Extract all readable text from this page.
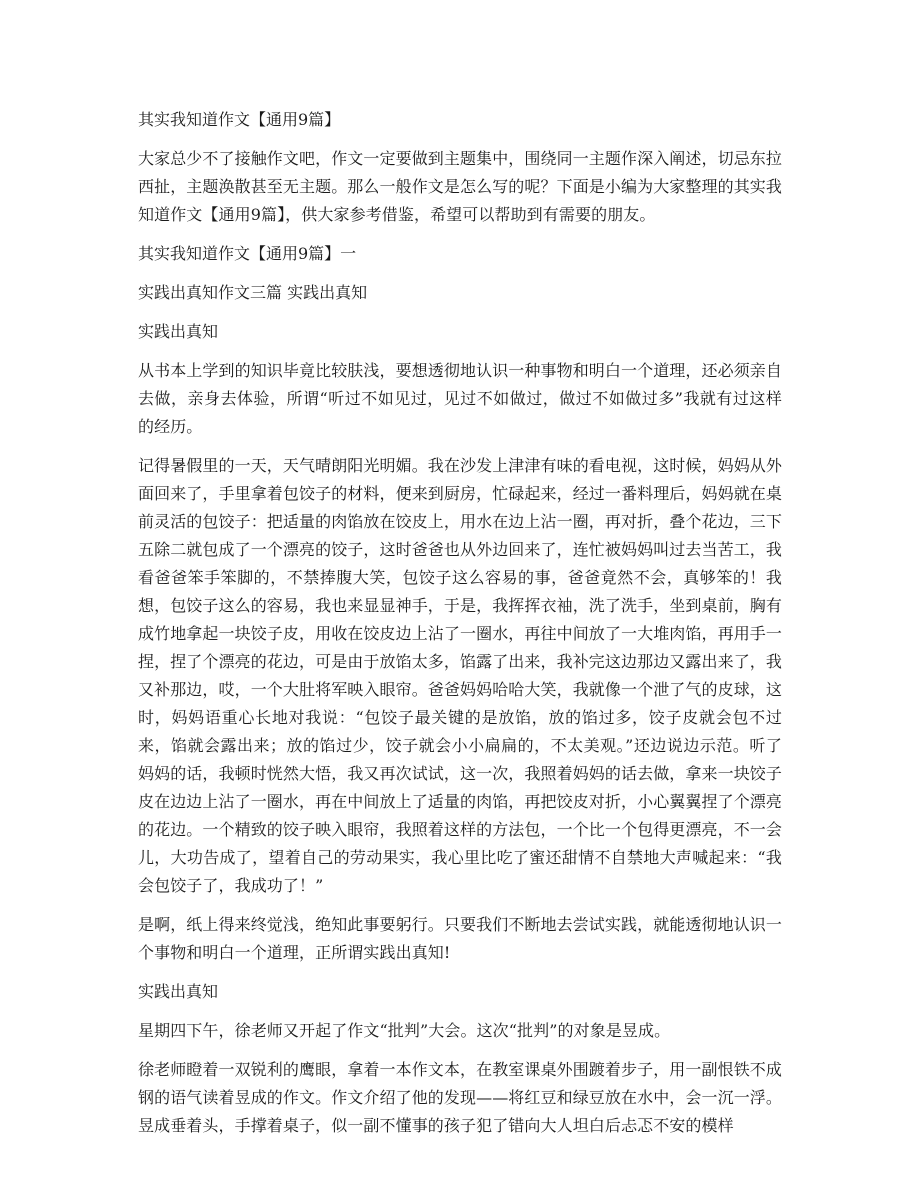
其实我知道作文【通用9篇】

大家总少不了接触作文吧，作文一定要做到主题集中，围绕同一主题作深入阐述，切忌东拉西扯，主题涣散甚至无主题。那么一般作文是怎么写的呢？下面是小编为大家整理的其实我知道作文【通用9篇】，供大家参考借鉴，希望可以帮助到有需要的朋友。

其实我知道作文【通用9篇】一

实践出真知作文三篇 实践出真知

实践出真知

从书本上学到的知识毕竟比较肤浅，要想透彻地认识一种事物和明白一个道理，还必须亲自去做，亲身去体验，所谓“听过不如见过，见过不如做过，做过不如做过多”我就有过这样的经历。

记得暑假里的一天，天气晴朗阳光明媚。我在沙发上津津有味的看电视，这时候，妈妈从外面回来了，手里拿着包饺子的材料，便来到厨房，忙碌起来，经过一番料理后，妈妈就在桌前灵活的包饺子：把适量的肉馅放在饺皮上，用水在边上沾一圈，再对折，叠个花边，三下五除二就包成了一个漂亮的饺子，这时爸爸也从外边回来了，连忙被妈妈叫过去当苦工，我看爸爸笨手笨脚的，不禁捧腹大笑，包饺子这么容易的事，爸爸竟然不会，真够笨的！我想，包饺子这么的容易，我也来显显神手，于是，我挥挥衣袖，洗了洗手，坐到桌前，胸有成竹地拿起一块饺子皮，用收在饺皮边上沾了一圈水，再往中间放了一大堆肉馅，再用手一捏，捏了个漂亮的花边，可是由于放馅太多，馅露了出来，我补完这边那边又露出来了，我又补那边，哎，一个大肚将军映入眼帘。爸爸妈妈哈哈大笑，我就像一个泄了气的皮球，这时，妈妈语重心长地对我说：“包饺子最关键的是放馅，放的馅过多，饺子皮就会包不过来，馅就会露出来；放的馅过少，饺子就会小小扁扁的，不太美观。”还边说边示范。听了妈妈的话，我顿时恍然大悟，我又再次试试，这一次，我照着妈妈的话去做，拿来一块饺子皮在边边上沾了一圈水，再在中间放上了适量的肉馅，再把饺皮对折，小心翼翼捏了个漂亮的花边。一个精致的饺子映入眼帘，我照着这样的方法包，一个比一个包得更漂亮，不一会儿，大功告成了，望着自己的劳动果实，我心里比吃了蜜还甜情不自禁地大声喊起来：“我会包饺子了，我成功了！”

是啊，纸上得来终觉浅，绝知此事要躬行。只要我们不断地去尝试实践，就能透彻地认识一个事物和明白一个道理，正所谓实践出真知!

实践出真知

星期四下午，徐老师又开起了作文“批判”大会。这次“批判”的对象是昱成。

徐老师瞪着一双锐利的鹰眼，拿着一本作文本，在教室课桌外围踱着步子，用一副恨铁不成钢的语气读着昱成的作文。作文介绍了他的发现——将红豆和绿豆放在水中，会一沉一浮。昱成垂着头，手撑着桌子，似一副不懂事的孩子犯了错向大人坦白后忐忑不安的模样
